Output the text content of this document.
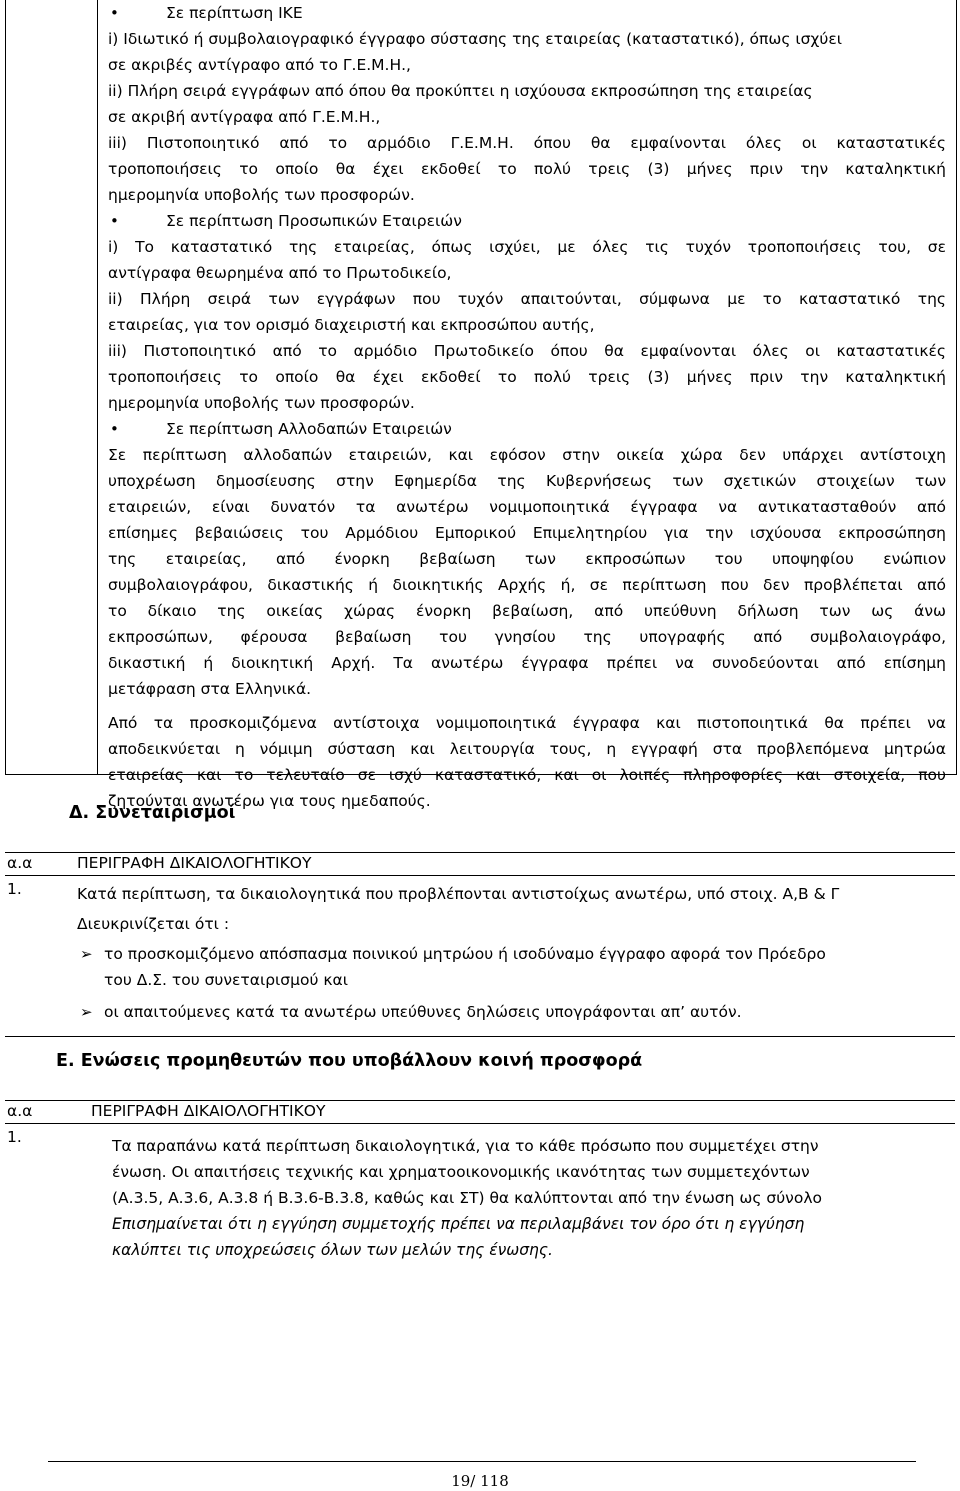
• Σε περίπτωση ΙΚΕ
i) Ιδιωτικό ή συμβολαιογραφικό έγγραφο σύστασης της εταιρείας (καταστατικό), όπως ισχύει
σε ακριβές αντίγραφο από το Γ.Ε.Μ.Η.,
ii) Πλήρη σειρά εγγράφων από όπου θα προκύπτει η ισχύουσα εκπροσώπηση της εταιρείας
σε ακριβή αντίγραφα από Γ.Ε.Μ.Η.,
iii) Πιστοποιητικό από το αρμόδιο Γ.Ε.Μ.Η. όπου θα εμφαίνονται όλες οι καταστατικές
τροποποιήσεις το οποίο θα έχει εκδοθεί το πολύ τρεις (3) μήνες πριν την καταληκτική
ημερομηνία υποβολής των προσφορών.
• Σε περίπτωση Προσωπικών Εταιρειών
i) Το καταστατικό της εταιρείας, όπως ισχύει, με όλες τις τυχόν τροποποιήσεις του, σε
αντίγραφα θεωρημένα από το Πρωτοδικείο,
ii) Πλήρη σειρά των εγγράφων που τυχόν απαιτούνται, σύμφωνα με το καταστατικό της
εταιρείας, για τον ορισμό διαχειριστή και εκπροσώπου αυτής,
iii) Πιστοποιητικό από το αρμόδιο Πρωτοδικείο όπου θα εμφαίνονται όλες οι καταστατικές
τροποποιήσεις το οποίο θα έχει εκδοθεί το πολύ τρεις (3) μήνες πριν την καταληκτική
ημερομηνία υποβολής των προσφορών.
• Σε περίπτωση Αλλοδαπών Εταιρειών
Σε περίπτωση αλλοδαπών εταιρειών, και εφόσον στην οικεία χώρα δεν υπάρχει αντίστοιχη
υποχρέωση δημοσίευσης στην Εφημερίδα της Κυβερνήσεως των σχετικών στοιχείων των
εταιρειών, είναι δυνατόν τα ανωτέρω νομιμοποιητικά έγγραφα να αντικατασταθούν από
επίσημες βεβαιώσεις του Αρμόδιου Εμπορικού Επιμελητηρίου για την ισχύουσα εκπροσώπηση
της εταιρείας, από ένορκη βεβαίωση των εκπροσώπων του υποψηφίου ενώπιον
συμβολαιογράφου, δικαστικής ή διοικητικής Αρχής ή, σε περίπτωση που δεν προβλέπεται από
το δίκαιο της οικείας χώρας ένορκη βεβαίωση, από υπεύθυνη δήλωση των ως άνω
εκπροσώπων, φέρουσα βεβαίωση του γνησίου της υπογραφής από συμβολαιογράφο,
δικαστική ή διοικητική Αρχή. Τα ανωτέρω έγγραφα πρέπει να συνοδεύονται από επίσημη
μετάφραση στα Ελληνικά.
Από τα προσκομιζόμενα αντίστοιχα νομιμοποιητικά έγγραφα και πιστοποιητικά θα πρέπει να
αποδεικνύεται η νόμιμη σύσταση και λειτουργία τους, η εγγραφή στα προβλεπόμενα μητρώα
εταιρείας και το τελευταίο σε ισχύ καταστατικό, και οι λοιπές πληροφορίες και στοιχεία, που
ζητούνται ανωτέρω για τους ημεδαπούς.
Δ. Συνεταιρισμοί
α.α	ΠΕΡΙΓΡΑΦΗ ΔΙΚΑΙΟΛΟΓΗΤΙΚΟΥ
1.	Κατά περίπτωση, τα δικαιολογητικά που προβλέπονται αντιστοίχως ανωτέρω, υπό στοιχ. Α,Β & Γ
Διευκρινίζεται ότι :
➢ το προσκομιζόμενο απόσπασμα ποινικού μητρώου ή ισοδύναμο έγγραφο αφορά τον Πρόεδρο
του Δ.Σ. του συνεταιρισμού και
➢ οι απαιτούμενες κατά τα ανωτέρω υπεύθυνες δηλώσεις υπογράφονται απ’ αυτόν.
Ε. Ενώσεις προμηθευτών που υποβάλλουν κοινή προσφορά
α.α	ΠΕΡΙΓΡΑΦΗ ΔΙΚΑΙΟΛΟΓΗΤΙΚΟΥ
1.	Τα παραπάνω κατά περίπτωση δικαιολογητικά, για το κάθε πρόσωπο που συμμετέχει στην
ένωση. Οι απαιτήσεις τεχνικής και χρηματοοικονομικής ικανότητας των συμμετεχόντων
(Α.3.5, Α.3.6, Α.3.8 ή Β.3.6-Β.3.8, καθώς και ΣΤ) θα καλύπτονται από την ένωση ως σύνολο
Επισημαίνεται ότι η εγγύηση συμμετοχής πρέπει να περιλαμβάνει τον όρο ότι η εγγύηση
καλύπτει τις υποχρεώσεις όλων των μελών της ένωσης.
19/ 118
